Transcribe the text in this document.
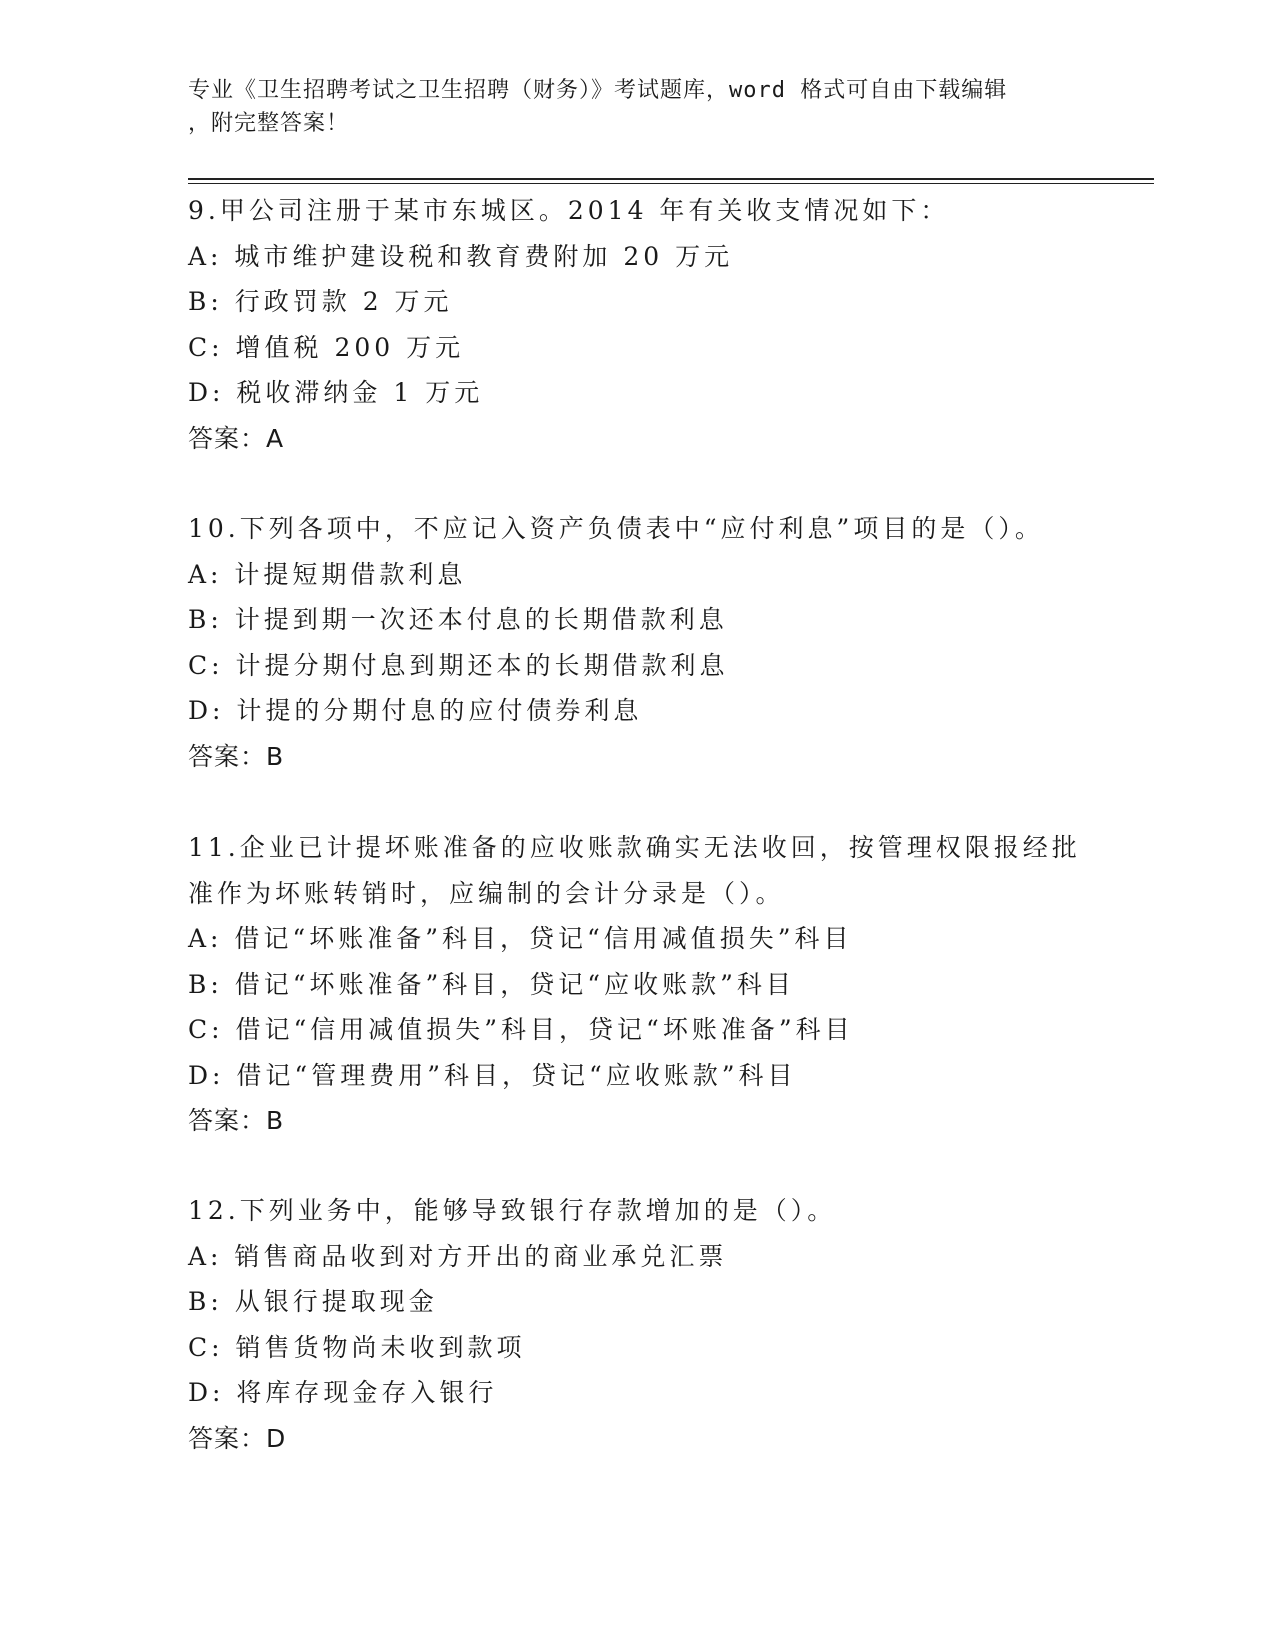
专业《卫生招聘考试之卫生招聘（财务）》考试题库，word 格式可自由下载编辑
，附完整答案！
9.甲公司注册于某市东城区。2014 年有关收支情况如下：
A: 城市维护建设税和教育费附加 20 万元
B: 行政罚款 2 万元
C: 增值税 200 万元
D: 税收滞纳金 1 万元
答案：A
10.下列各项中，不应记入资产负债表中“应付利息”项目的是（）。
A: 计提短期借款利息
B: 计提到期一次还本付息的长期借款利息
C: 计提分期付息到期还本的长期借款利息
D: 计提的分期付息的应付债券利息
答案：B
11.企业已计提坏账准备的应收账款确实无法收回，按管理权限报经批
准作为坏账转销时，应编制的会计分录是（）。
A: 借记“坏账准备”科目，贷记“信用减值损失”科目
B: 借记“坏账准备”科目，贷记“应收账款”科目
C: 借记“信用减值损失”科目，贷记“坏账准备”科目
D: 借记“管理费用”科目，贷记“应收账款”科目
答案：B
12.下列业务中，能够导致银行存款增加的是（）。
A: 销售商品收到对方开出的商业承兑汇票
B: 从银行提取现金
C: 销售货物尚未收到款项
D: 将库存现金存入银行
答案：D
